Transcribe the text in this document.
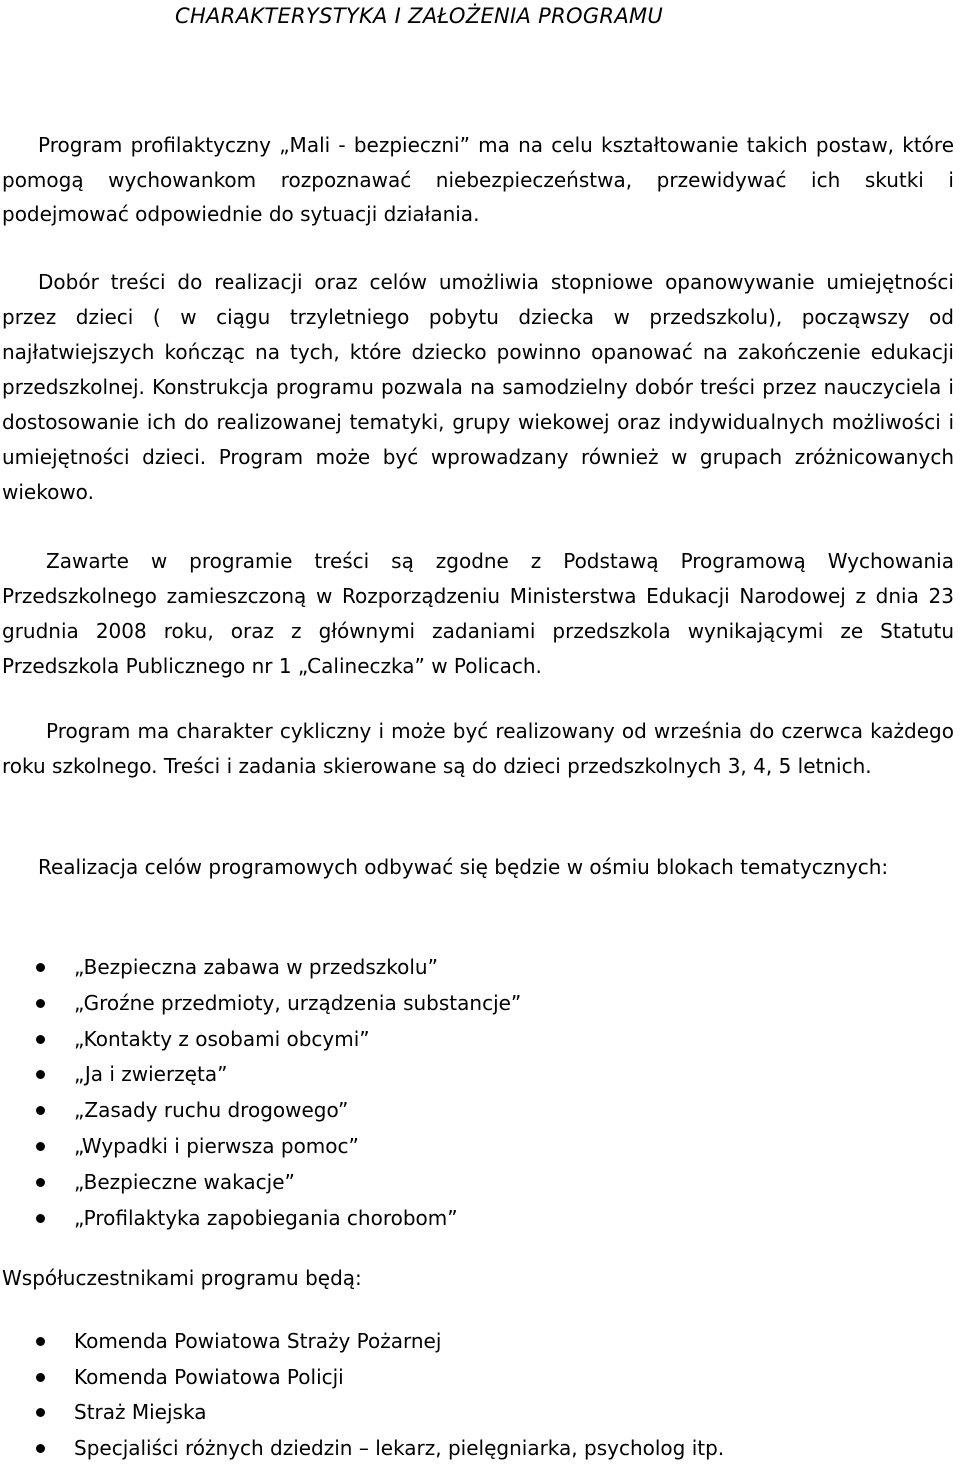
CHARAKTERYSTYKA I ZAŁOŻENIA PROGRAMU

Program profilaktyczny „Mali - bezpieczni” ma na celu kształtowanie takich postaw, które pomogą wychowankom rozpoznawać niebezpieczeństwa, przewidywać ich skutki i podejmować odpowiednie do sytuacji działania.

Dobór treści do realizacji oraz celów umożliwia stopniowe opanowywanie umiejętności przez dzieci ( w ciągu trzyletniego pobytu dziecka w przedszkolu), począwszy od najłatwiejszych kończąc na tych, które dziecko powinno opanować na zakończenie edukacji przedszkolnej. Konstrukcja programu pozwala na samodzielny dobór treści przez nauczyciela i dostosowanie ich do realizowanej tematyki, grupy wiekowej oraz indywidualnych możliwości i umiejętności dzieci. Program może być wprowadzany również w grupach zróżnicowanych wiekowo.

Zawarte w programie treści są zgodne z Podstawą Programową Wychowania Przedszkolnego zamieszczoną w Rozporządzeniu Ministerstwa Edukacji Narodowej z dnia 23 grudnia 2008 roku, oraz z głównymi zadaniami przedszkola wynikającymi ze Statutu Przedszkola Publicznego nr 1 „Calineczka” w Policach.

Program ma charakter cykliczny i może być realizowany od września do czerwca każdego roku szkolnego. Treści i zadania skierowane są do dzieci przedszkolnych 3, 4, 5 letnich.

Realizacja celów programowych odbywać się będzie w ośmiu blokach tematycznych:

„Bezpieczna zabawa w przedszkolu”
„Groźne przedmioty, urządzenia substancje”
„Kontakty z osobami obcymi”
„Ja i zwierzęta”
„Zasady ruchu drogowego”
„Wypadki i pierwsza pomoc”
„Bezpieczne wakacje”
„Profilaktyka zapobiegania chorobom”

Współuczestnikami programu będą:

Komenda Powiatowa Straży Pożarnej
Komenda Powiatowa Policji
Straż Miejska
Specjaliści różnych dziedzin – lekarz, pielęgniarka, psycholog itp.
